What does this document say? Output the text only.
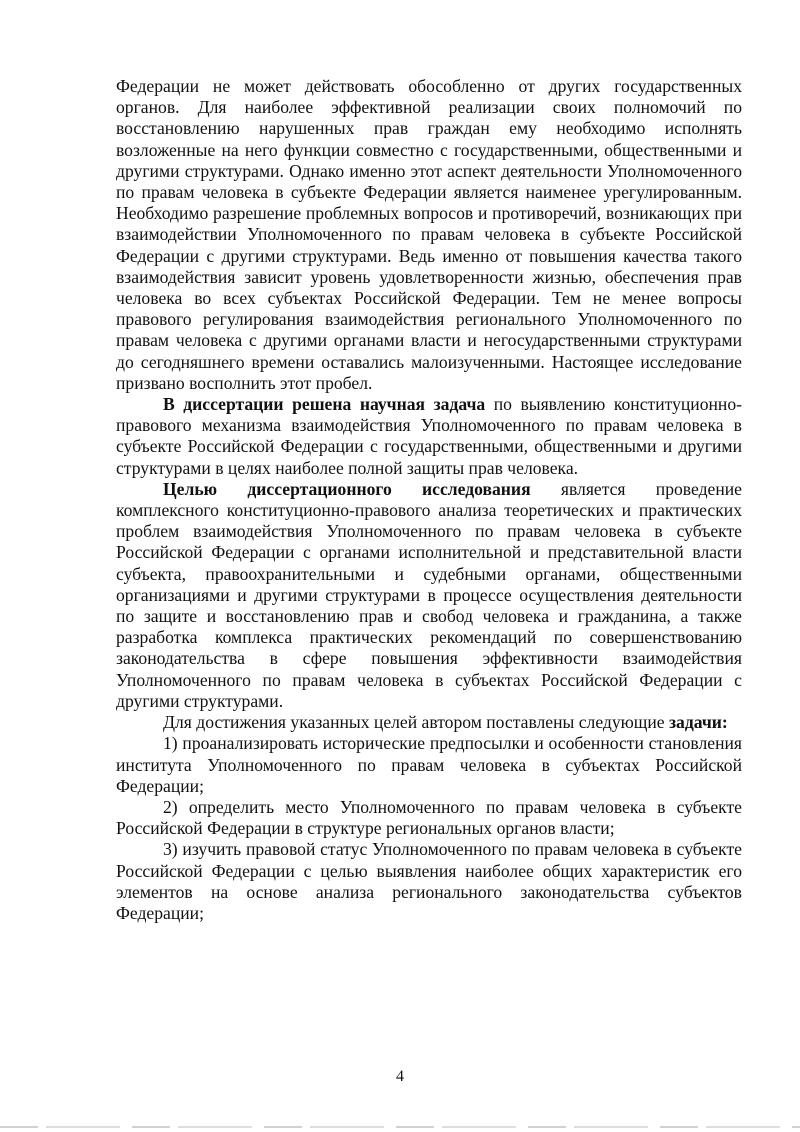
Федерации не может действовать обособленно от других государственных органов. Для наиболее эффективной реализации своих полномочий по восстановлению нарушенных прав граждан ему необходимо исполнять возложенные на него функции совместно с государственными, общественными и другими структурами. Однако именно этот аспект деятельности Уполномоченного по правам человека в субъекте Федерации является наименее урегулированным. Необходимо разрешение проблемных вопросов и противоречий, возникающих при взаимодействии Уполномоченного по правам человека в субъекте Российской Федерации с другими структурами. Ведь именно от повышения качества такого взаимодействия зависит уровень удовлетворенности жизнью, обеспечения прав человека во всех субъектах Российской Федерации. Тем не менее вопросы правового регулирования взаимодействия регионального Уполномоченного по правам человека с другими органами власти и негосударственными структурами до сегодняшнего времени оставались малоизученными. Настоящее исследование призвано восполнить этот пробел.

В диссертации решена научная задача по выявлению конституционно-правового механизма взаимодействия Уполномоченного по правам человека в субъекте Российской Федерации с государственными, общественными и другими структурами в целях наиболее полной защиты прав человека.

Целью диссертационного исследования является проведение комплексного конституционно-правового анализа теоретических и практических проблем взаимодействия Уполномоченного по правам человека в субъекте Российской Федерации с органами исполнительной и представительной власти субъекта, правоохранительными и судебными органами, общественными организациями и другими структурами в процессе осуществления деятельности по защите и восстановлению прав и свобод человека и гражданина, а также разработка комплекса практических рекомендаций по совершенствованию законодательства в сфере повышения эффективности взаимодействия Уполномоченного по правам человека в субъектах Российской Федерации с другими структурами.

Для достижения указанных целей автором поставлены следующие задачи:

1) проанализировать исторические предпосылки и особенности становления института Уполномоченного по правам человека в субъектах Российской Федерации;

2) определить место Уполномоченного по правам человека в субъекте Российской Федерации в структуре региональных органов власти;

3) изучить правовой статус Уполномоченного по правам человека в субъекте Российской Федерации с целью выявления наиболее общих характеристик его элементов на основе анализа регионального законодательства субъектов Федерации;

4
